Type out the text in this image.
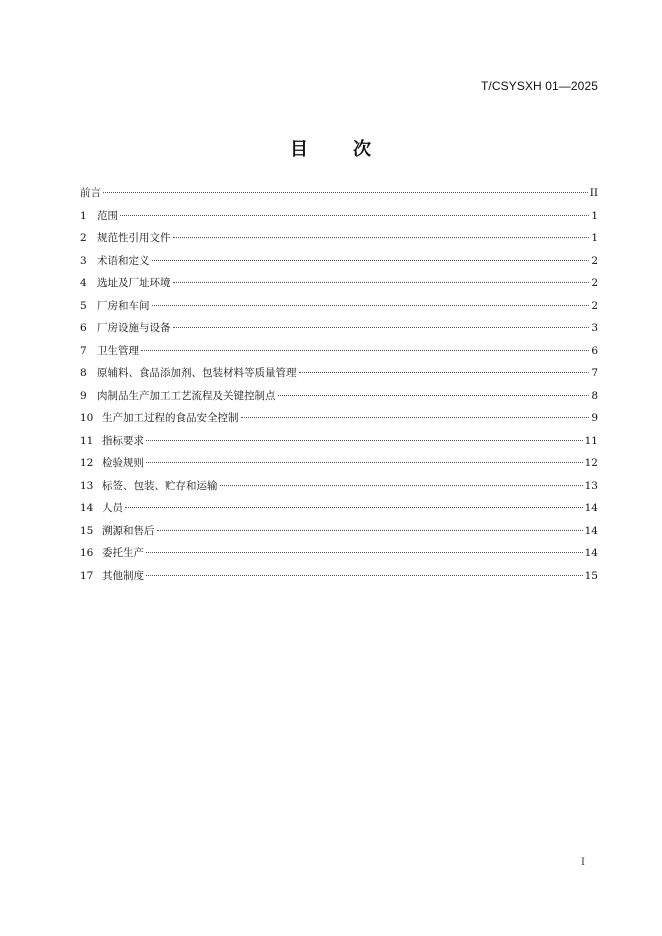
T/CSYSXH 01—2025
目 次
前言	II
1 范围	1
2 规范性引用文件	1
3 术语和定义	2
4 选址及厂址环境	2
5 厂房和车间	2
6 厂房设施与设备	3
7 卫生管理	6
8 原辅料、食品添加剂、包装材料等质量管理	7
9 肉制品生产加工工艺流程及关键控制点	8
10 生产加工过程的食品安全控制	9
11 指标要求	11
12 检验规则	12
13 标签、包装、贮存和运输	13
14 人员	14
15 溯源和售后	14
16 委托生产	14
17 其他制度	15
I
